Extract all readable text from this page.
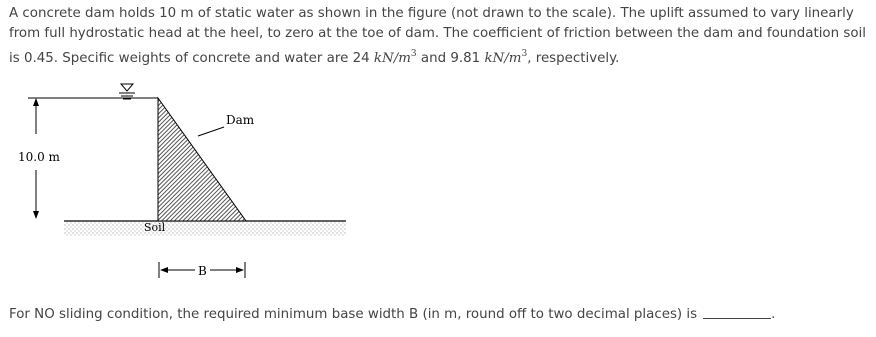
A concrete dam holds 10 m of static water as shown in the figure (not drawn to the scale). The uplift assumed to vary linearly from full hydrostatic head at the heel, to zero at the toe of dam. The coefficient of friction between the dam and foundation soil is 0.45. Specific weights of concrete and water are 24 $kN/m^3$ and 9.81 $kN/m^3$, respectively.
10.0 m
Dam
Soil
B
For NO sliding condition, the required minimum base width B (in m, round off to two decimal places) is	.
